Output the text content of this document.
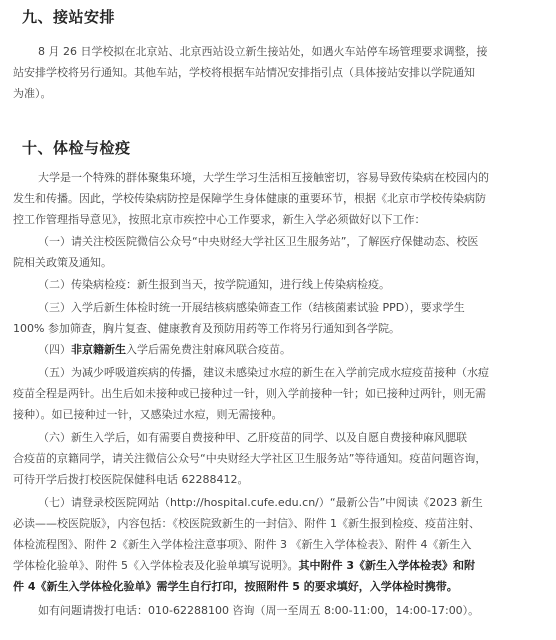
九、接站安排
8 月 26 日学校拟在北京站、北京西站设立新生接站处，如遇火车站停车场管理要求调整，接
站安排学校将另行通知。其他车站，学校将根据车站情况安排指引点（具体接站安排以学院通知
为准）。
十、体检与检疫
大学是一个特殊的群体聚集环境，大学生学习生活相互接触密切，容易导致传染病在校园内的
发生和传播。因此，学校传染病防控是保障学生身体健康的重要环节，根据《北京市学校传染病防
控工作管理指导意见》，按照北京市疾控中心工作要求，新生入学必须做好以下工作：
（一）请关注校医院微信公众号“中央财经大学社区卫生服务站”，了解医疗保健动态、校医
院相关政策及通知。
（二）传染病检疫：新生报到当天，按学院通知，进行线上传染病检疫。
（三）入学后新生体检时统一开展结核病感染筛查工作（结核菌素试验 PPD），要求学生
100% 参加筛查，胸片复查、健康教育及预防用药等工作将另行通知到各学院。
（四）非京籍新生入学后需免费注射麻风联合疫苗。
（五）为减少呼吸道疾病的传播，建议未感染过水痘的新生在入学前完成水痘疫苗接种（水痘
疫苗全程是两针。出生后如未接种或已接种过一针，则入学前接种一针；如已接种过两针，则无需
接种）。如已接种过一针，又感染过水痘，则无需接种。
（六）新生入学后，如有需要自费接种甲、乙肝疫苗的同学、以及自愿自费接种麻风腮联
合疫苗的京籍同学，请关注微信公众号“中央财经大学社区卫生服务站”等待通知。疫苗问题咨询，
可待开学后拨打校医院保健科电话 62288412。
（七）请登录校医院网站（http://hospital.cufe.edu.cn/）“最新公告”中阅读《2023 新生
必读——校医院版》，内容包括：《校医院致新生的一封信》、附件 1《新生报到检疫、疫苗注射、
体检流程图》、附件 2《新生入学体检注意事项》、附件 3 《新生入学体检表》、附件 4《新生入
学体检化验单》、附件 5《入学体检表及化验单填写说明》。其中附件 3《新生入学体检表》和附
件 4《新生入学体检化验单》需学生自行打印，按照附件 5 的要求填好，入学体检时携带。
如有问题请拨打电话：010-62288100 咨询（周一至周五 8:00-11:00，14:00-17:00）。
